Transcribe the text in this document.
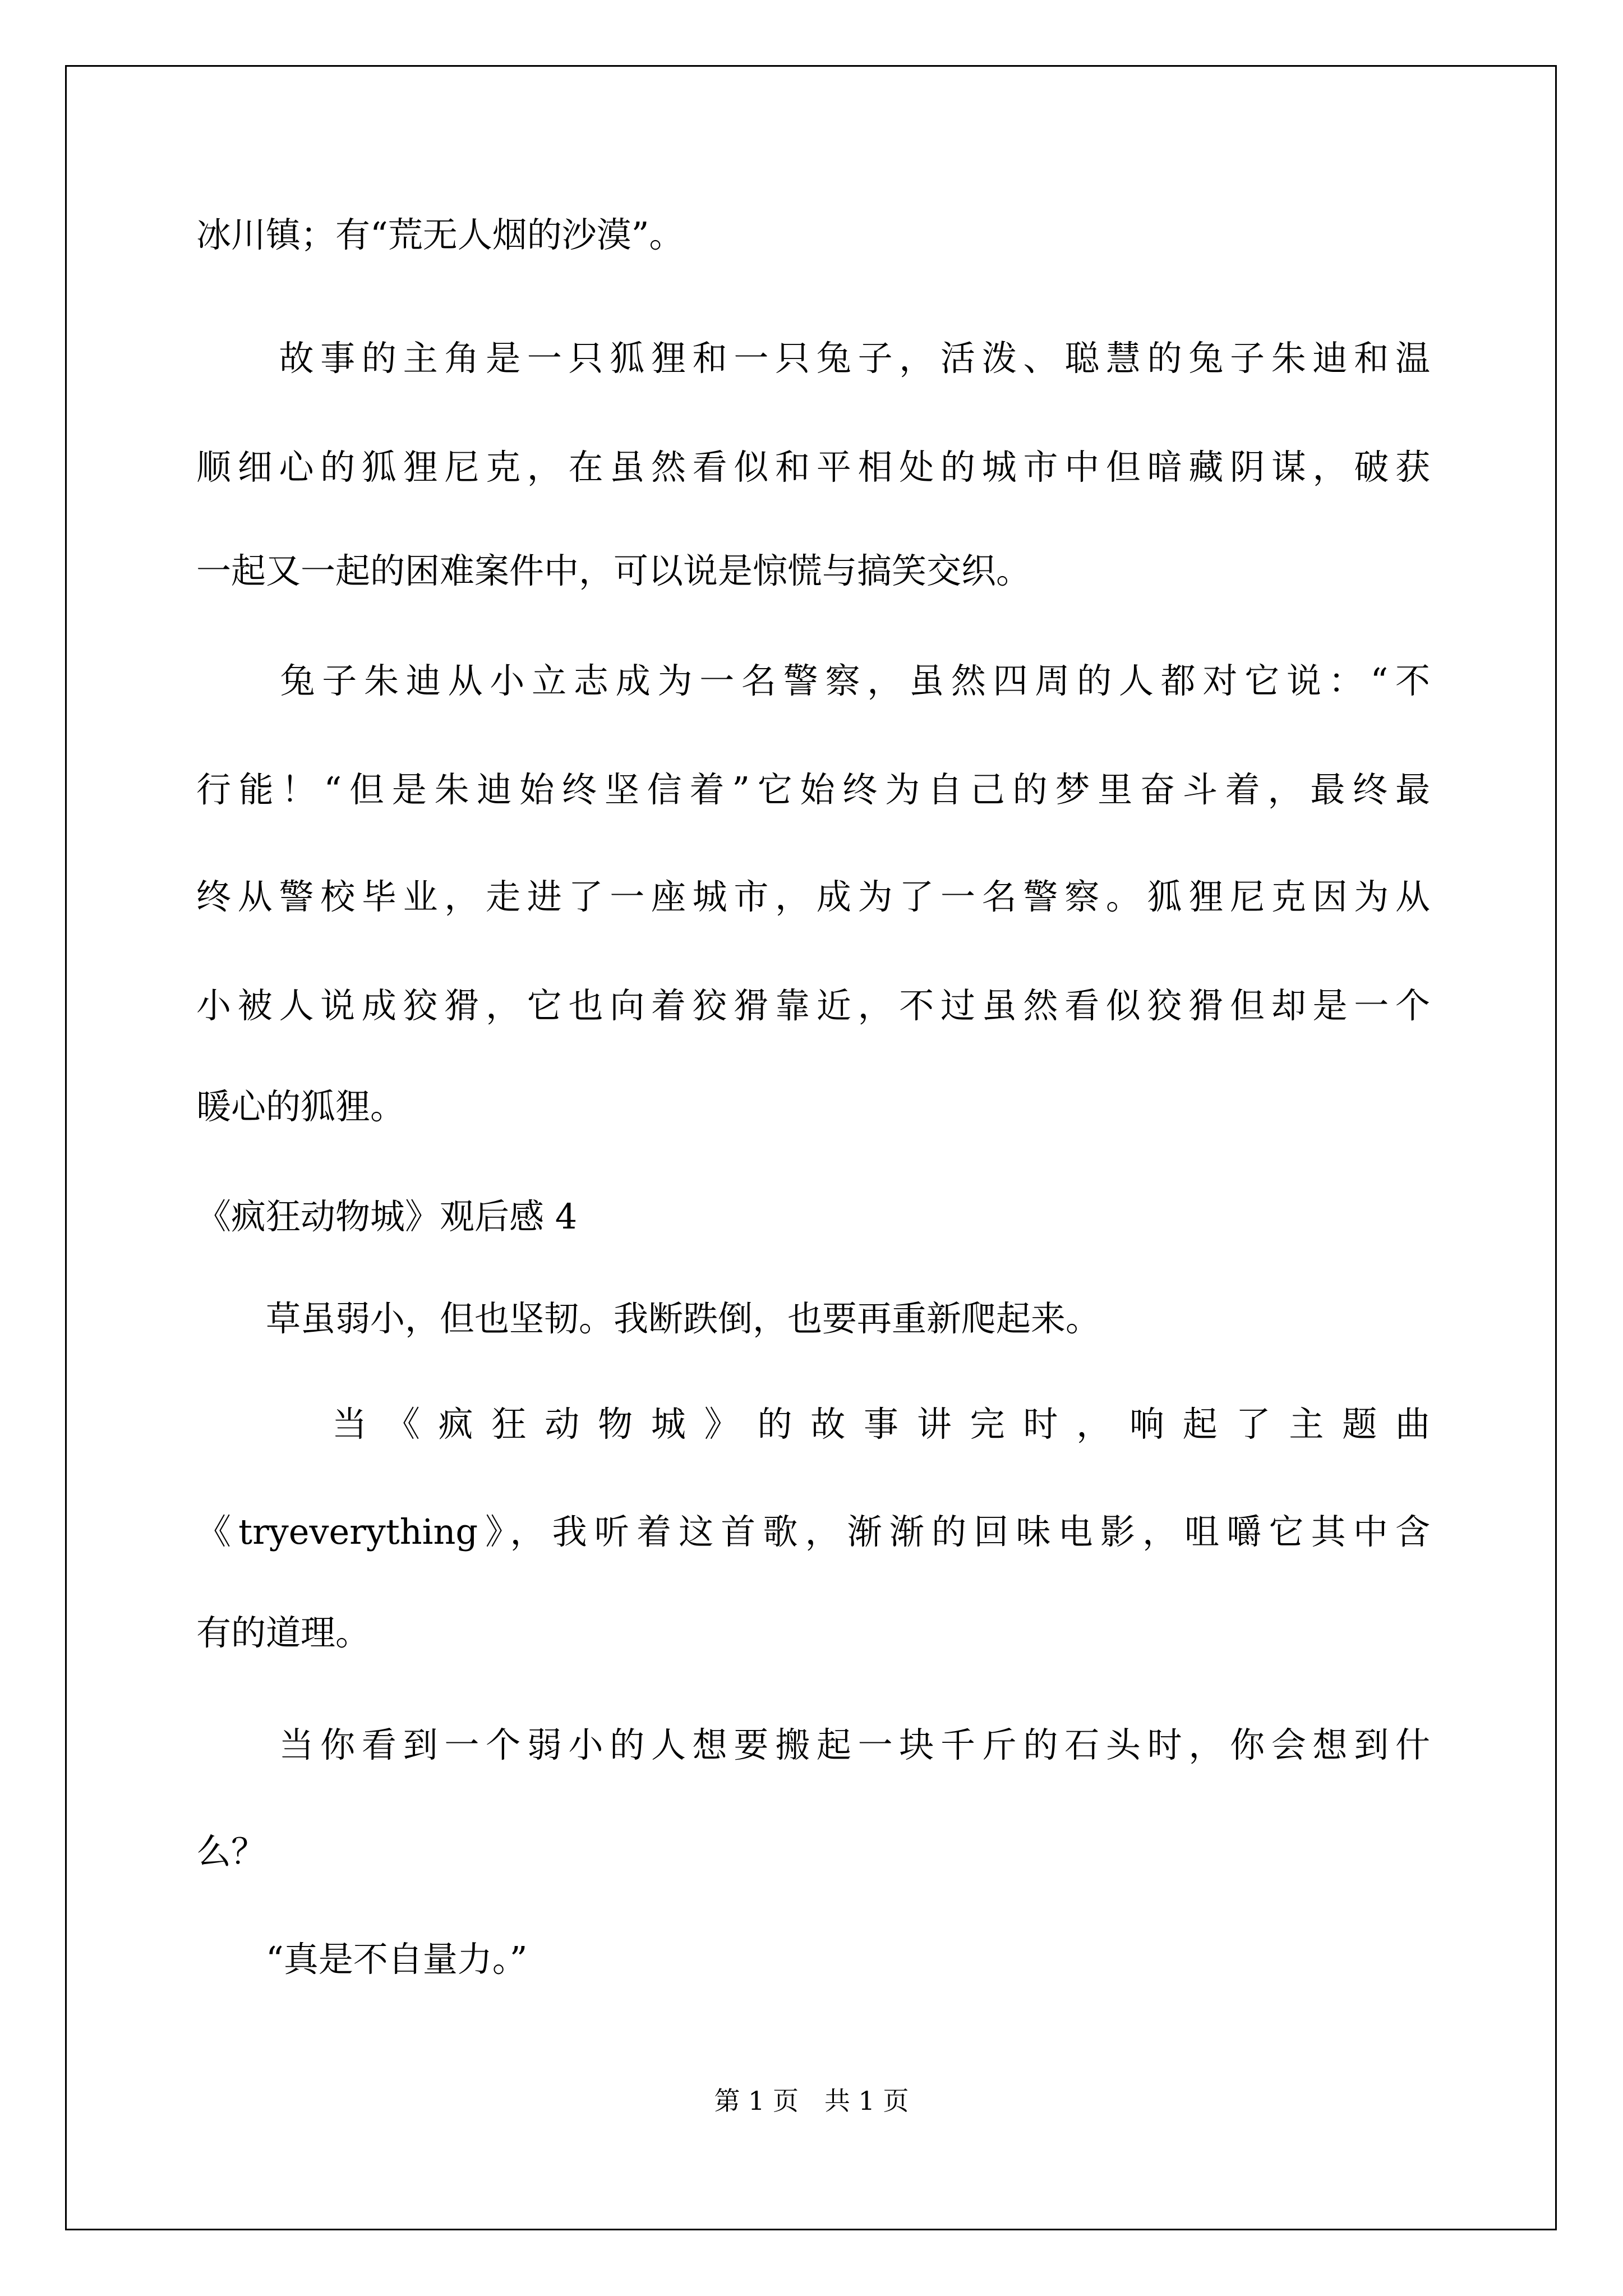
冰川镇；有“荒无人烟的沙漠”。
　　故事的主角是一只狐狸和一只兔子，活泼、聪慧的兔子朱迪和温
顺细心的狐狸尼克，在虽然看似和平相处的城市中但暗藏阴谋，破获
一起又一起的困难案件中，可以说是惊慌与搞笑交织。
　　兔子朱迪从小立志成为一名警察，虽然四周的人都对它说：“不
行能！“但是朱迪始终坚信着”它始终为自己的梦里奋斗着，最终最
终从警校毕业，走进了一座城市，成为了一名警察。狐狸尼克因为从
小被人说成狡猾，它也向着狡猾靠近，不过虽然看似狡猾但却是一个
暖心的狐狸。
《疯狂动物城》观后感 4
　　草虽弱小，但也坚韧。我断跌倒，也要再重新爬起来。
　　 当《疯狂动物城》的故事讲完时，响起了主题曲
《tryeverything》，我听着这首歌，渐渐的回味电影，咀嚼它其中含
有的道理。
　　当你看到一个弱小的人想要搬起一块千斤的石头时，你会想到什
么？
　　“真是不自量力。”
第 1 页　共 1 页
